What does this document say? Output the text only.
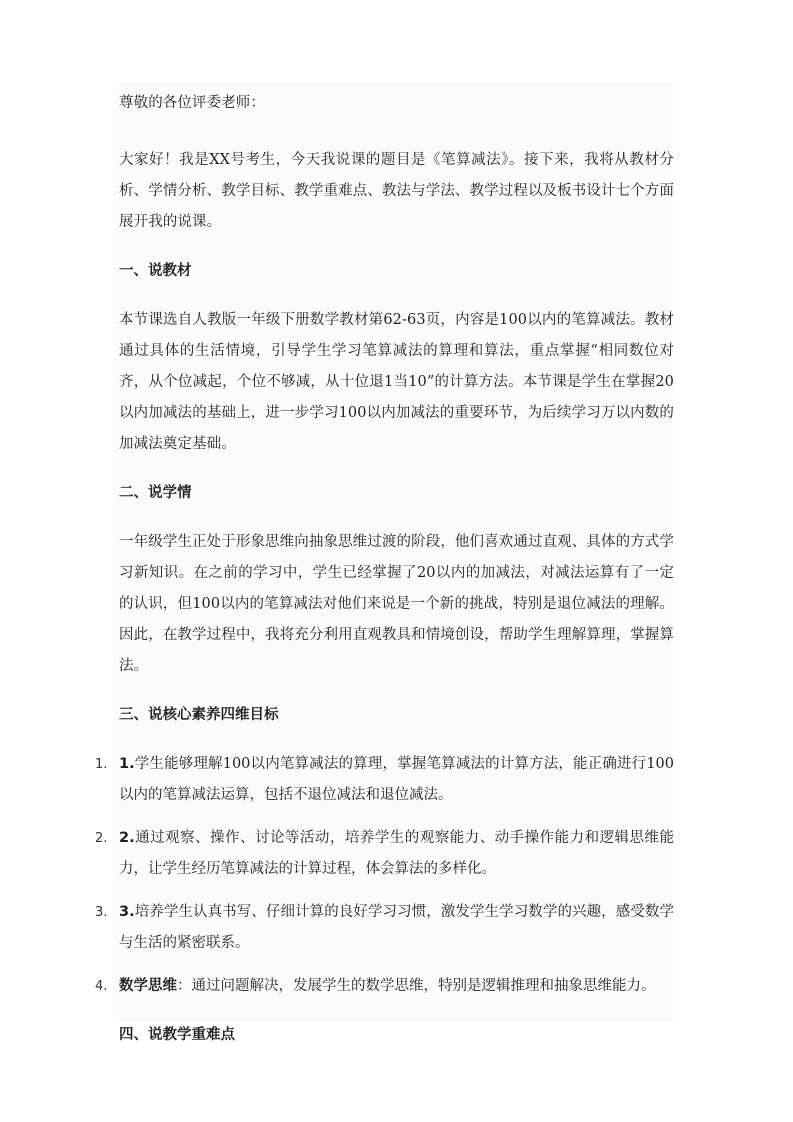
尊敬的各位评委老师：

大家好！我是XX号考生，今天我说课的题目是《笔算减法》。接下来，我将从教材分析、学情分析、教学目标、教学重难点、教法与学法、教学过程以及板书设计七个方面展开我的说课。

一、说教材

本节课选自人教版一年级下册数学教材第62-63页，内容是100以内的笔算减法。教材通过具体的生活情境，引导学生学习笔算减法的算理和算法，重点掌握“相同数位对齐，从个位减起，个位不够减，从十位退1当10”的计算方法。本节课是学生在掌握20以内加减法的基础上，进一步学习100以内加减法的重要环节，为后续学习万以内数的加减法奠定基础。

二、说学情

一年级学生正处于形象思维向抽象思维过渡的阶段，他们喜欢通过直观、具体的方式学习新知识。在之前的学习中，学生已经掌握了20以内的加减法，对减法运算有了一定的认识，但100以内的笔算减法对他们来说是一个新的挑战，特别是退位减法的理解。因此，在教学过程中，我将充分利用直观教具和情境创设，帮助学生理解算理，掌握算法。

三、说核心素养四维目标

1. 1.学生能够理解100以内笔算减法的算理，掌握笔算减法的计算方法，能正确进行100以内的笔算减法运算，包括不退位减法和退位减法。
2. 2.通过观察、操作、讨论等活动，培养学生的观察能力、动手操作能力和逻辑思维能力，让学生经历笔算减法的计算过程，体会算法的多样化。
3. 3.培养学生认真书写、仔细计算的良好学习习惯，激发学生学习数学的兴趣，感受数学与生活的紧密联系。
4. 数学思维：通过问题解决，发展学生的数学思维，特别是逻辑推理和抽象思维能力。

四、说教学重难点
